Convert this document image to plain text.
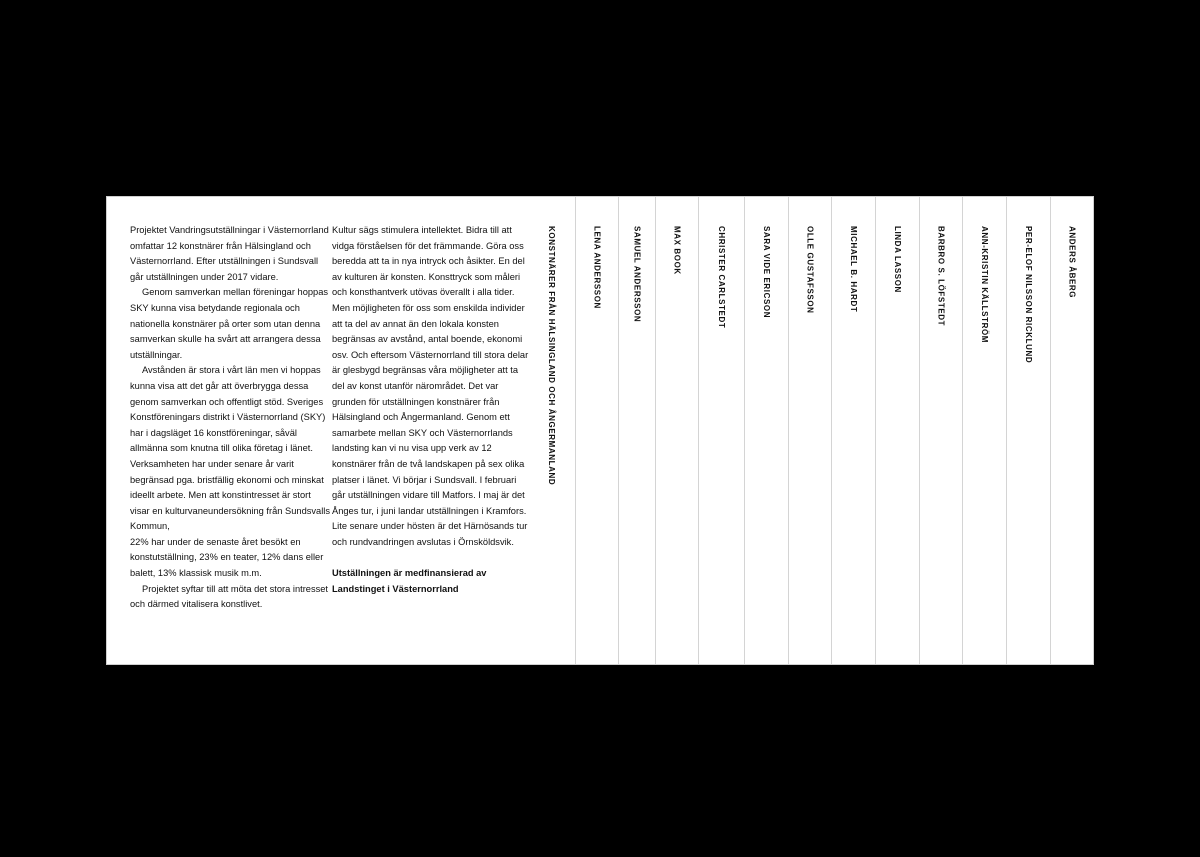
Projektet Vandringsutställningar i Västernorrland omfattar 12 konstnärer från Hälsingland och Västernorrland. Efter utställningen i Sundsvall går utställningen under 2017 vidare.

Genom samverkan mellan föreningar hoppas SKY kunna visa betydande regionala och nationella konstnärer på orter som utan denna samverkan skulle ha svårt att arrangera dessa utställningar.

Avstånden är stora i vårt län men vi hoppas kunna visa att det går att överbrygga dessa genom samverkan och offentligt stöd. Sveriges Konstföreningars distrikt i Västernorrland (SKY) har i dagsläget 16 konstföreningar, såväl allmänna som knutna till olika företag i länet. Verksamheten har under senare år varit begränsad pga. bristfällig ekonomi och minskat ideellt arbete. Men att konstintresset är stort visar en kulturvaneundersökning från Sundsvalls Kommun,

22% har under de senaste året besökt en konstutställning, 23% en teater, 12% dans eller balett, 13% klassisk musik m.m.

Projektet syftar till att möta det stora intresset och därmed vitalisera konstlivet.

Kultur sägs stimulera intellektet. Bidra till att vidga förståelsen för det främmande. Göra oss beredda att ta in nya intryck och åsikter. En del av kulturen är konsten. Konsttryck som måleri och konsthantverk utövas överallt i alla tider. Men möjligheten för oss som enskilda individer att ta del av annat än den lokala konsten begränsas av avstånd, antal boende, ekonomi osv. Och eftersom Västernorrland till stora delar är glesbygd begränsas våra möjligheter att ta del av konst utanför närområdet. Det var grunden för utställningen konstnärer från Hälsingland och Ångermanland. Genom ett samarbete mellan SKY och Västernorrlands landsting kan vi nu visa upp verk av 12 konstnärer från de två landskapen på sex olika platser i länet. Vi börjar i Sundsvall. I februari går utställningen vidare till Matfors. I maj är det Ånges tur, i juni landar utställningen i Kramfors. Lite senare under hösten är det Härnösands tur och rundvandringen avslutas i Örnsköldsvik.

Utställningen är medfinansierad av Landstinget i Västernorrland

KONSTNÄRER FRÅN HÄLSINGLAND OCH ÅNGERMANLAND	LENA ANDERSSON	SAMUEL ANDERSSON	MAX BOOK	CHRISTER CARLSTEDT	SARA VIDE ERICSON	OLLE GUSTAFSSON	MICHAEL B. HARDT	LINDA LASSON	BARBRO S. LÖFSTEDT	ANN-KRISTIN KÄLLSTRÖM	PER-ELOF NILSSON RICKLUND	ANDERS ÅBERG
